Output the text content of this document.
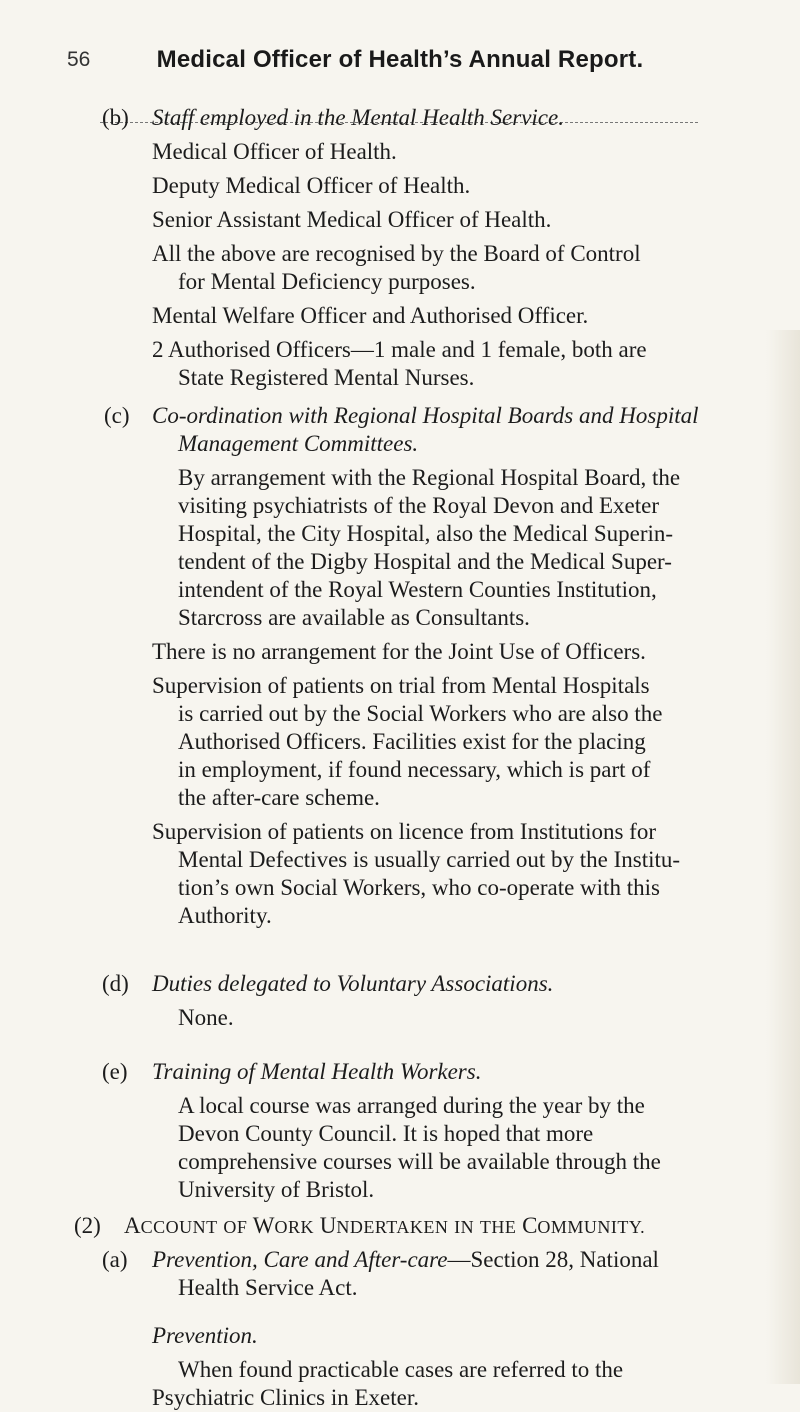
56	Medical Officer of Health’s Annual Report.
(b)	Staff employed in the Mental Health Service.
Medical Officer of Health.
Deputy Medical Officer of Health.
Senior Assistant Medical Officer of Health.
All the above are recognised by the Board of Control
for Mental Deficiency purposes.
Mental Welfare Officer and Authorised Officer.
2 Authorised Officers—1 male and 1 female, both are
State Registered Mental Nurses.
(c) Co-ordination with Regional Hospital Boards and Hospital
Management Committees.
By arrangement with the Regional Hospital Board, the
visiting psychiatrists of the Royal Devon and Exeter
Hospital, the City Hospital, also the Medical Superin-
tendent of the Digby Hospital and the Medical Super-
intendent of the Royal Western Counties Institution,
Starcross are available as Consultants.
There is no arrangement for the Joint Use of Officers.
Supervision of patients on trial from Mental Hospitals
is carried out by the Social Workers who are also the
Authorised Officers. Facilities exist for the placing
in employment, if found necessary, which is part of
the after-care scheme.
Supervision of patients on licence from Institutions for
Mental Defectives is usually carried out by the Institu-
tion’s own Social Workers, who co-operate with this
Authority.
(d)	Duties delegated to Voluntary Associations.
None.
(e)	Training of Mental Health Workers.
A local course was arranged during the year by the
Devon County Council. It is hoped that more
comprehensive courses will be available through the
University of Bristol.
(2)	ACCOUNT OF WORK UNDERTAKEN IN THE COMMUNITY.
(a)	Prevention, Care and After-care—Section 28, National
Health Service Act.
Prevention.
When found practicable cases are referred to the
Psychiatric Clinics in Exeter.
